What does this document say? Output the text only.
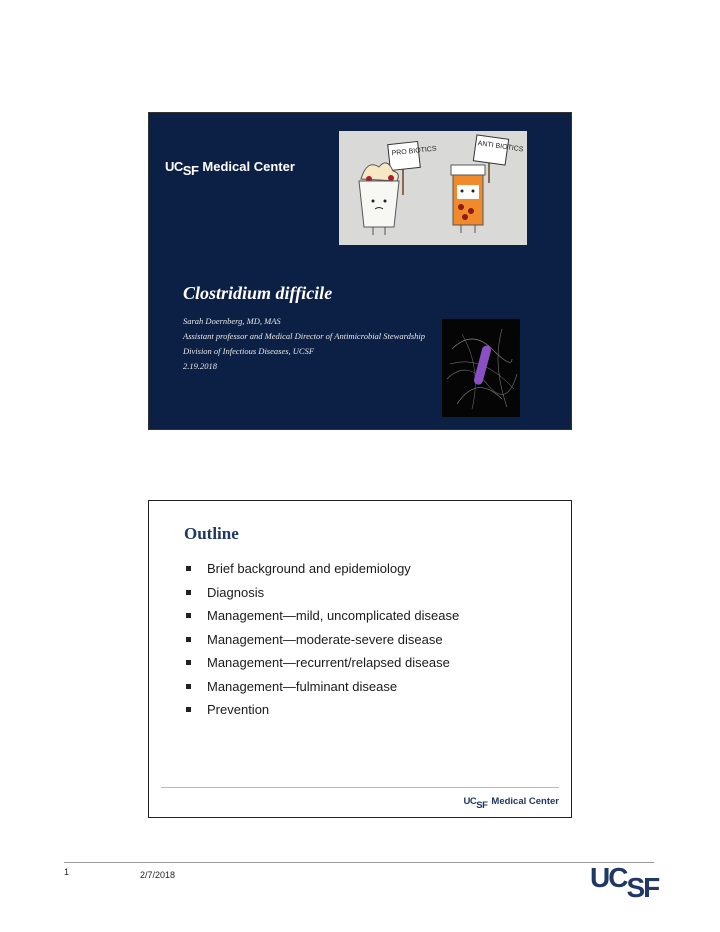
UC SF Medical Center
PRO BIOTICS	ANTI BIOTICS
Clostridium difficile
Sarah Doernberg, MD, MAS
Assistant professor and Medical Director of Antimicrobial Stewardship
Division of Infectious Diseases, UCSF
2.19.2018
Outline
Brief background and epidemiology
Diagnosis
Management—mild, uncomplicated disease
Management—moderate-severe disease
Management—recurrent/relapsed disease
Management—fulminant disease
Prevention
UC SF Medical Center
1	2/7/2018	UC SF
